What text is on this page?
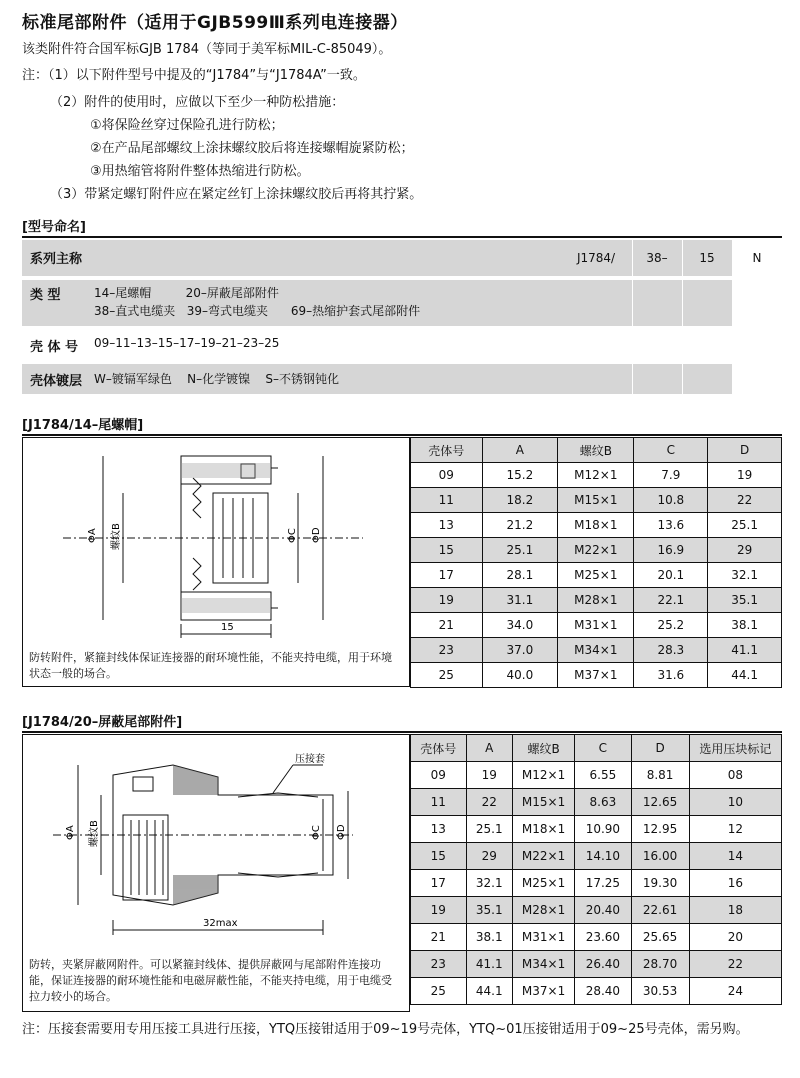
标准尾部附件（适用于GJB599Ⅲ系列电连接器）
该类附件符合国军标GJB 1784（等同于美军标MIL-C-85049）。
注：（1）以下附件型号中提及的“J1784”与“J1784A”一致。
（2）附件的使用时，应做以下至少一种防松措施：
①将保险丝穿过保险孔进行防松；
②在产品尾部螺纹上涂抹螺纹胶后将连接螺帽旋紧防松；
③用热缩管将附件整体热缩进行防松。
（3）带紧定螺钉附件应在紧定丝钉上涂抹螺纹胶后再将其拧紧。
[型号命名]
系列主称	J1784/	38–	15	N
类 型	14–尾螺帽         20–屏蔽尾部附件
38–直式电缆夹   39–弯式电缆夹      69–热缩护套式尾部附件
壳 体 号	09–11–13–15–17–19–21–23–25
壳体镀层 W–镀镉军绿色    N–化学镀镍    S–不锈钢钝化
[J1784/14–尾螺帽]
ΦA 螺纹B	ΦC ΦD
15
防转附件，紧箍封线体保证连接器的耐环境性能，不能夹持电缆，用于环境状态一般的场合。
壳体号	A	螺纹B	C	D
09	15.2	M12×1	7.9	19
11	18.2	M15×1	10.8	22
13	21.2	M18×1	13.6	25.1
15	25.1	M22×1	16.9	29
17	28.1	M25×1	20.1	32.1
19	31.1	M28×1	22.1	35.1
21	34.0	M31×1	25.2	38.1
23	37.0	M34×1	28.3	41.1
25	40.0	M37×1	31.6	44.1
[J1784/20–屏蔽尾部附件]
压接套
ΦA 螺纹B	ΦC ΦD
32max
防转，夹紧屏蔽网附件。可以紧箍封线体、提供屏蔽网与尾部附件连接功能，保证连接器的耐环境性能和电磁屏蔽性能，不能夹持电缆，用于电缆受拉力较小的场合。
壳体号	A	螺纹B	C	D	选用压块标记
09	19	M12×1	6.55	8.81	08
11	22	M15×1	8.63	12.65	10
13	25.1	M18×1	10.90	12.95	12
15	29	M22×1	14.10	16.00	14
17	32.1	M25×1	17.25	19.30	16
19	35.1	M28×1	20.40	22.61	18
21	38.1	M31×1	23.60	25.65	20
23	41.1	M34×1	26.40	28.70	22
25	44.1	M37×1	28.40	30.53	24
注：压接套需要用专用压接工具进行压接，YTQ压接钳适用于09~19号壳体，YTQ~01压接钳适用于09~25号壳体，需另购。
